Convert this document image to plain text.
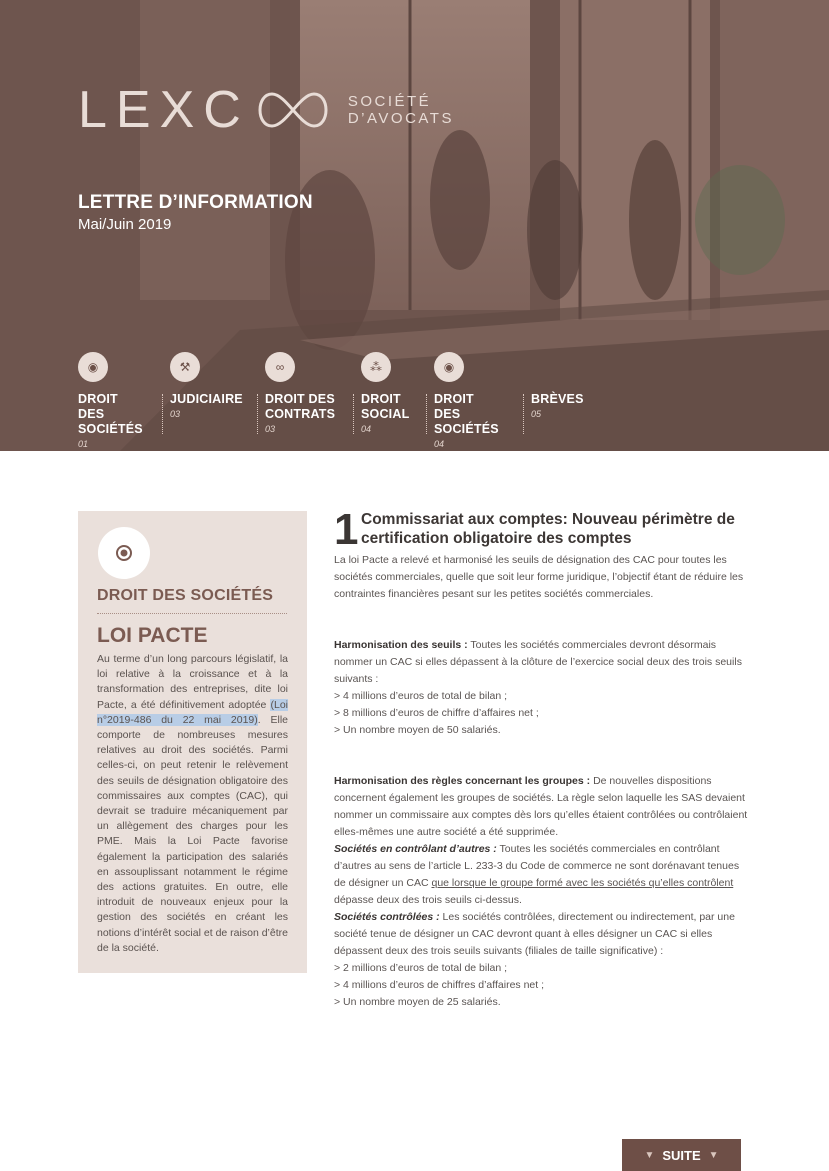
LEXC	SOCIÉTÉ
D’AVOCATS
LETTRE D’INFORMATION
Mai/Juin 2019
◉
DROIT DES
SOCIÉTÉS
01
⚒
JUDICIAIRE
03
∞
DROIT DES
CONTRATS
03
⁂
DROIT
SOCIAL
04
◉
DROIT DES
SOCIÉTÉS
04
BRÈVES
05
DROIT DES SOCIÉTÉS
LOI PACTE
Au terme d’un long parcours législatif, la loi relative à la croissance et à la transformation des entreprises, dite loi Pacte, a été définitivement adoptée (Loi n°2019-486 du 22 mai 2019). Elle comporte de nombreuses mesures relatives au droit des sociétés. Parmi celles-ci, on peut retenir le relèvement des seuils de désignation obligatoire des commissaires aux comptes (CAC), qui devrait se traduire mécaniquement par un allègement des charges pour les PME. Mais la Loi Pacte favorise également la participation des salariés en assouplissant notamment le régime des actions gratuites. En outre, elle introduit de nouveaux enjeux pour la gestion des sociétés en créant les notions d’intérêt social et de raison d’être de la société.
1 Commissariat aux comptes: Nouveau périmètre de certification obligatoire des comptes

La loi Pacte a relevé et harmonisé les seuils de désignation des CAC pour toutes les sociétés commerciales, quelle que soit leur forme juridique, l’objectif étant de réduire les contraintes financières pesant sur les petites sociétés commerciales.

Harmonisation des seuils : Toutes les sociétés commerciales devront désormais nommer un CAC si elles dépassent à la clôture de l’exercice social deux des trois seuils suivants :

> 4 millions d’euros de total de bilan ;

> 8 millions d’euros de chiffre d’affaires net ;

> Un nombre moyen de 50 salariés.

Harmonisation des règles concernant les groupes : De nouvelles dispositions concernent également les groupes de sociétés. La règle selon laquelle les SAS devaient nommer un commissaire aux comptes dès lors qu’elles étaient contrôlées ou contrôlaient elles-mêmes une autre société a été supprimée.

Sociétés en contrôlant d’autres : Toutes les sociétés commerciales en contrôlant d’autres au sens de l’article L. 233-3 du Code de commerce ne sont dorénavant tenues de désigner un CAC que lorsque le groupe formé avec les sociétés qu’elles contrôlent dépasse deux des trois seuils ci-dessus.

Sociétés contrôlées : Les sociétés contrôlées, directement ou indirectement, par une société tenue de désigner un CAC devront quant à elles désigner un CAC si elles dépassent deux des trois seuils suivants (filiales de taille significative) :

> 2 millions d’euros de total de bilan ;

> 4 millions d’euros de chiffres d’affaires net ;

> Un nombre moyen de 25 salariés.

▼ SUITE ▼
